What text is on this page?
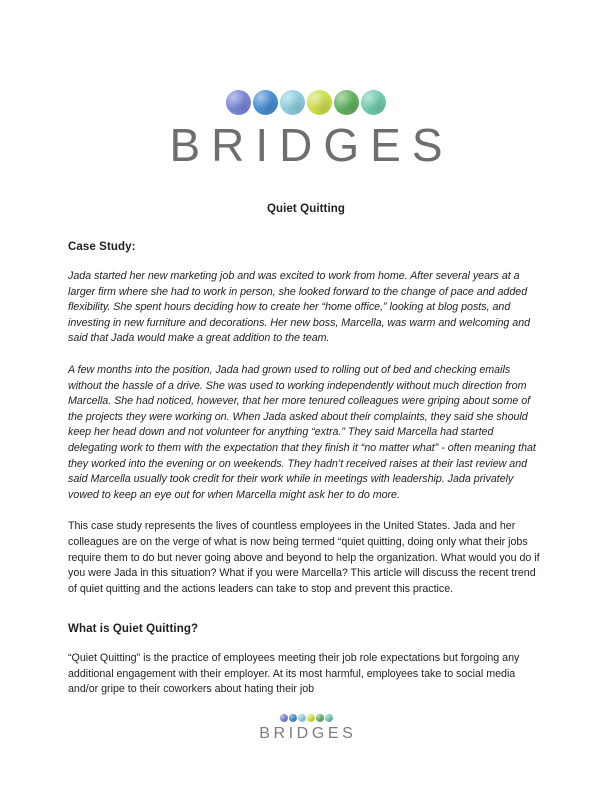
BRIDGES
Quiet Quitting
Case Study:

Jada started her new marketing job and was excited to work from home. After several years at a larger firm where she had to work in person, she looked forward to the change of pace and added flexibility. She spent hours deciding how to create her “home office,” looking at blog posts, and investing in new furniture and decorations. Her new boss, Marcella, was warm and welcoming and said that Jada would make a great addition to the team.

A few months into the position, Jada had grown used to rolling out of bed and checking emails without the hassle of a drive. She was used to working independently without much direction from Marcella. She had noticed, however, that her more tenured colleagues were griping about some of the projects they were working on. When Jada asked about their complaints, they said she should keep her head down and not volunteer for anything “extra.” They said Marcella had started delegating work to them with the expectation that they finish it “no matter what” - often meaning that they worked into the evening or on weekends. They hadn’t received raises at their last review and said Marcella usually took credit for their work while in meetings with leadership. Jada privately vowed to keep an eye out for when Marcella might ask her to do more.

This case study represents the lives of countless employees in the United States. Jada and her colleagues are on the verge of what is now being termed “quiet quitting, doing only what their jobs require them to do but never going above and beyond to help the organization. What would you do if you were Jada in this situation? What if you were Marcella? This article will discuss the recent trend of quiet quitting and the actions leaders can take to stop and prevent this practice.

What is Quiet Quitting?

“Quiet Quitting” is the practice of employees meeting their job role expectations but forgoing any additional engagement with their employer. At its most harmful, employees take to social media and/or gripe to their coworkers about hating their job

BRIDGES
